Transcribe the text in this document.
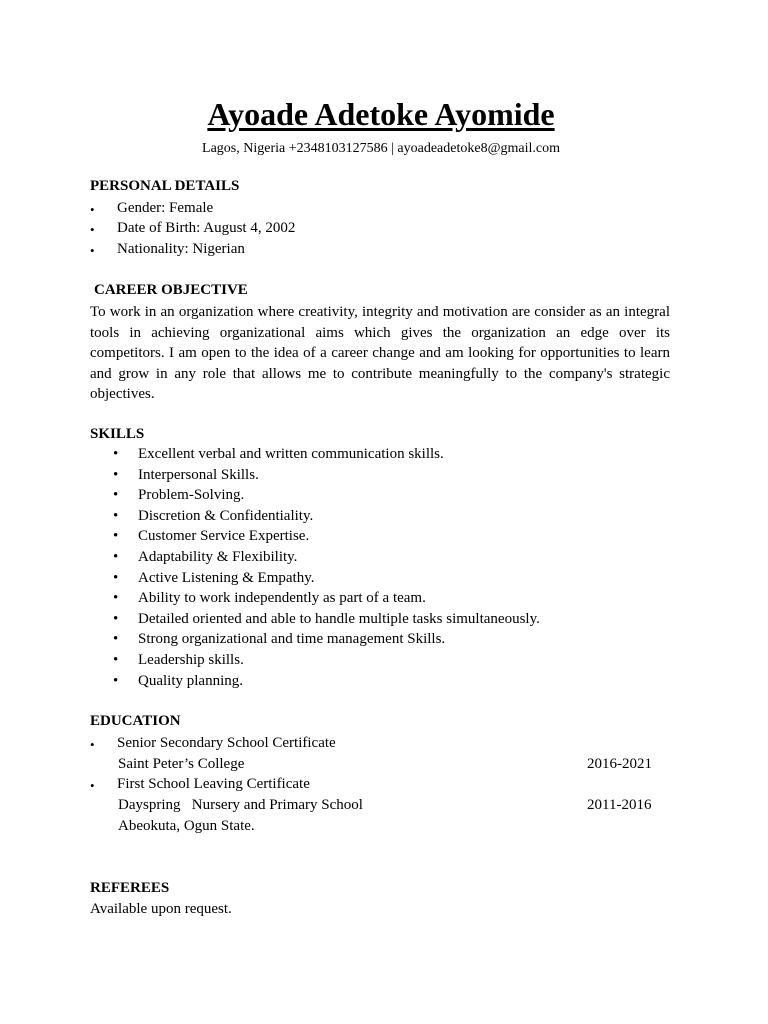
Ayoade Adetoke Ayomide
Lagos, Nigeria +2348103127586 | ayoadeadetoke8@gmail.com
PERSONAL DETAILS
• Gender: Female
• Date of Birth: August 4, 2002
• Nationality: Nigerian
CAREER OBJECTIVE
To work in an organization where creativity, integrity and motivation are consider as an integral tools in achieving organizational aims which gives the organization an edge over its competitors. I am open to the idea of a career change and am looking for opportunities to learn and grow in any role that allows me to contribute meaningfully to the company's strategic objectives.
SKILLS
• Excellent verbal and written communication skills.
• Interpersonal Skills.
• Problem-Solving.
• Discretion & Confidentiality.
• Customer Service Expertise.
• Adaptability & Flexibility.
• Active Listening & Empathy.
• Ability to work independently as part of a team.
• Detailed oriented and able to handle multiple tasks simultaneously.
• Strong organizational and time management Skills.
• Leadership skills.
• Quality planning.
EDUCATION
• Senior Secondary School Certificate
Saint Peter’s College	2016-2021
• First School Leaving Certificate
Dayspring   Nursery and Primary School	2011-2016
Abeokuta, Ogun State.
REFEREES
Available upon request.
